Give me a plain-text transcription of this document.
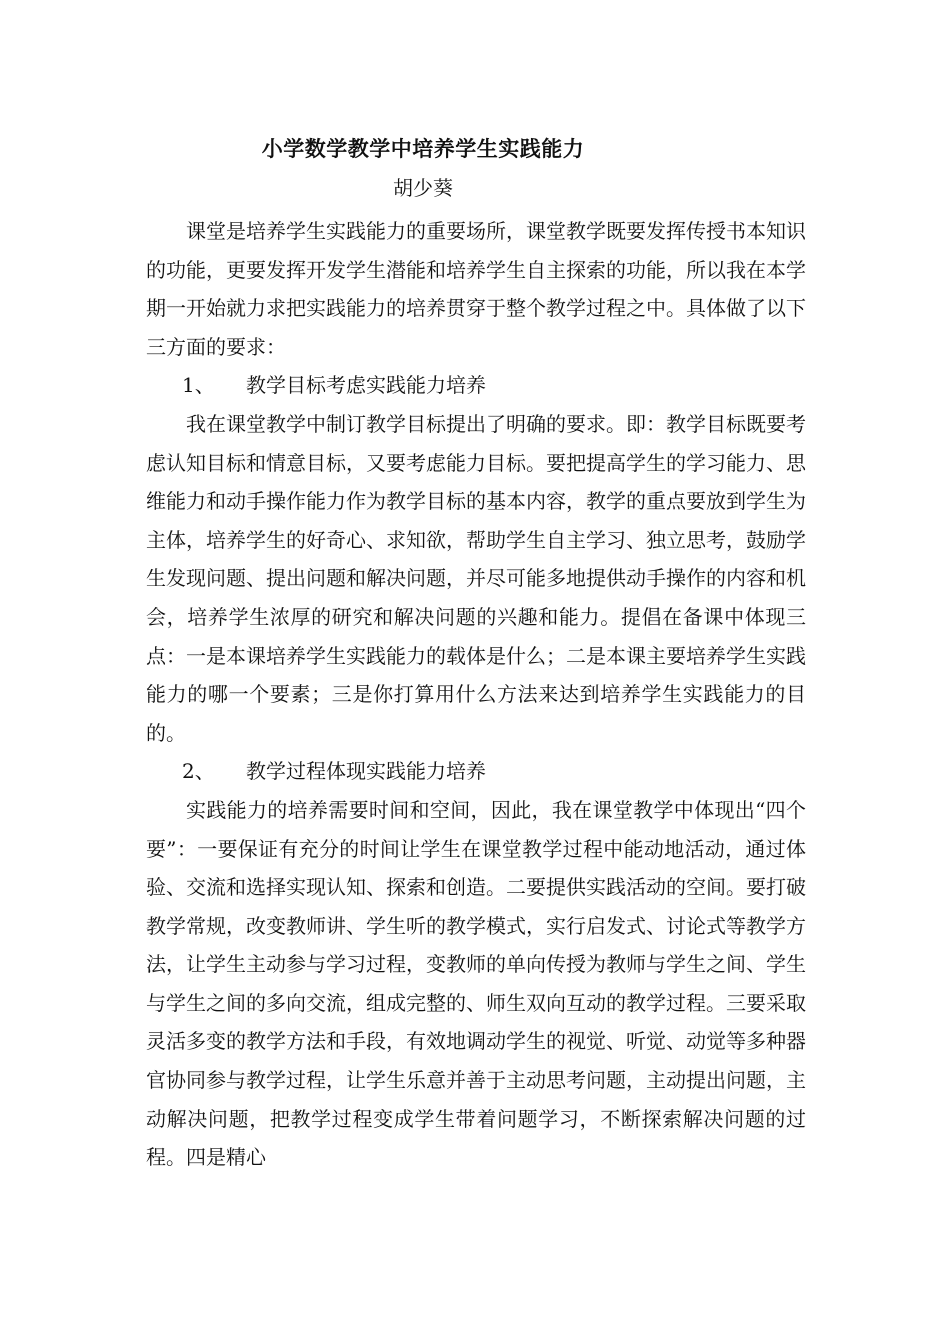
小学数学教学中培养学生实践能力
胡少葵

课堂是培养学生实践能力的重要场所，课堂教学既要发挥传授书本知识的功能，更要发挥开发学生潜能和培养学生自主探索的功能，所以我在本学期一开始就力求把实践能力的培养贯穿于整个教学过程之中。具体做了以下三方面的要求：

1、 教学目标考虑实践能力培养

我在课堂教学中制订教学目标提出了明确的要求。即：教学目标既要考虑认知目标和情意目标，又要考虑能力目标。要把提高学生的学习能力、思维能力和动手操作能力作为教学目标的基本内容，教学的重点要放到学生为主体，培养学生的好奇心、求知欲，帮助学生自主学习、独立思考，鼓励学生发现问题、提出问题和解决问题，并尽可能多地提供动手操作的内容和机会，培养学生浓厚的研究和解决问题的兴趣和能力。提倡在备课中体现三点：一是本课培养学生实践能力的载体是什么；二是本课主要培养学生实践能力的哪一个要素；三是你打算用什么方法来达到培养学生实践能力的目的。

2、 教学过程体现实践能力培养

实践能力的培养需要时间和空间，因此，我在课堂教学中体现出“四个要”：一要保证有充分的时间让学生在课堂教学过程中能动地活动，通过体验、交流和选择实现认知、探索和创造。二要提供实践活动的空间。要打破教学常规，改变教师讲、学生听的教学模式，实行启发式、讨论式等教学方法，让学生主动参与学习过程，变教师的单向传授为教师与学生之间、学生与学生之间的多向交流，组成完整的、师生双向互动的教学过程。三要采取灵活多变的教学方法和手段，有效地调动学生的视觉、听觉、动觉等多种器官协同参与教学过程，让学生乐意并善于主动思考问题，主动提出问题，主动解决问题，把教学过程变成学生带着问题学习，不断探索解决问题的过程。四是精心
